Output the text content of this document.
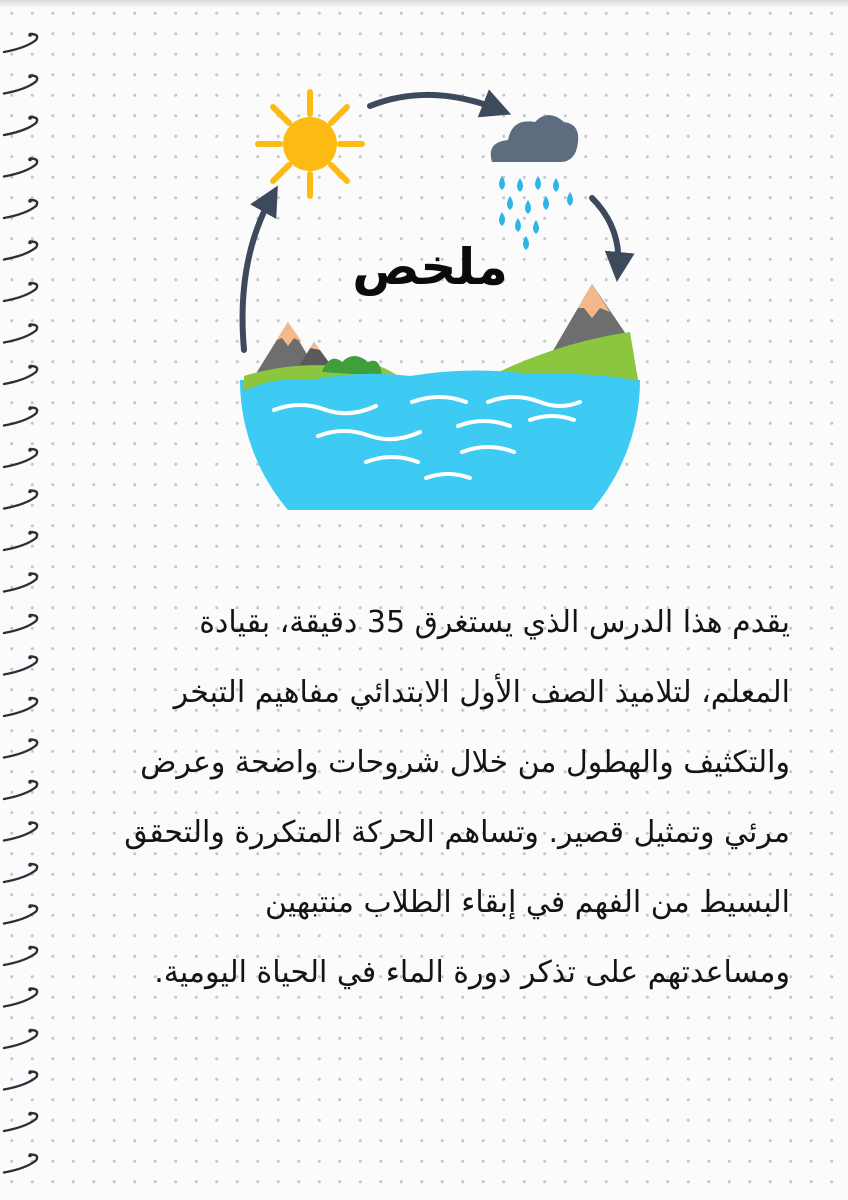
ملخص
يقدم هذا الدرس الذي يستغرق 35 دقيقة، بقيادة المعلم، لتلاميذ الصف الأول الابتدائي مفاهيم التبخر والتكثيف والهطول من خلال شروحات واضحة وعرض مرئي وتمثيل قصير. وتساهم الحركة المتكررة والتحقق البسيط من الفهم في إبقاء الطلاب منتبهين ومساعدتهم على تذكر دورة الماء في الحياة اليومية.
